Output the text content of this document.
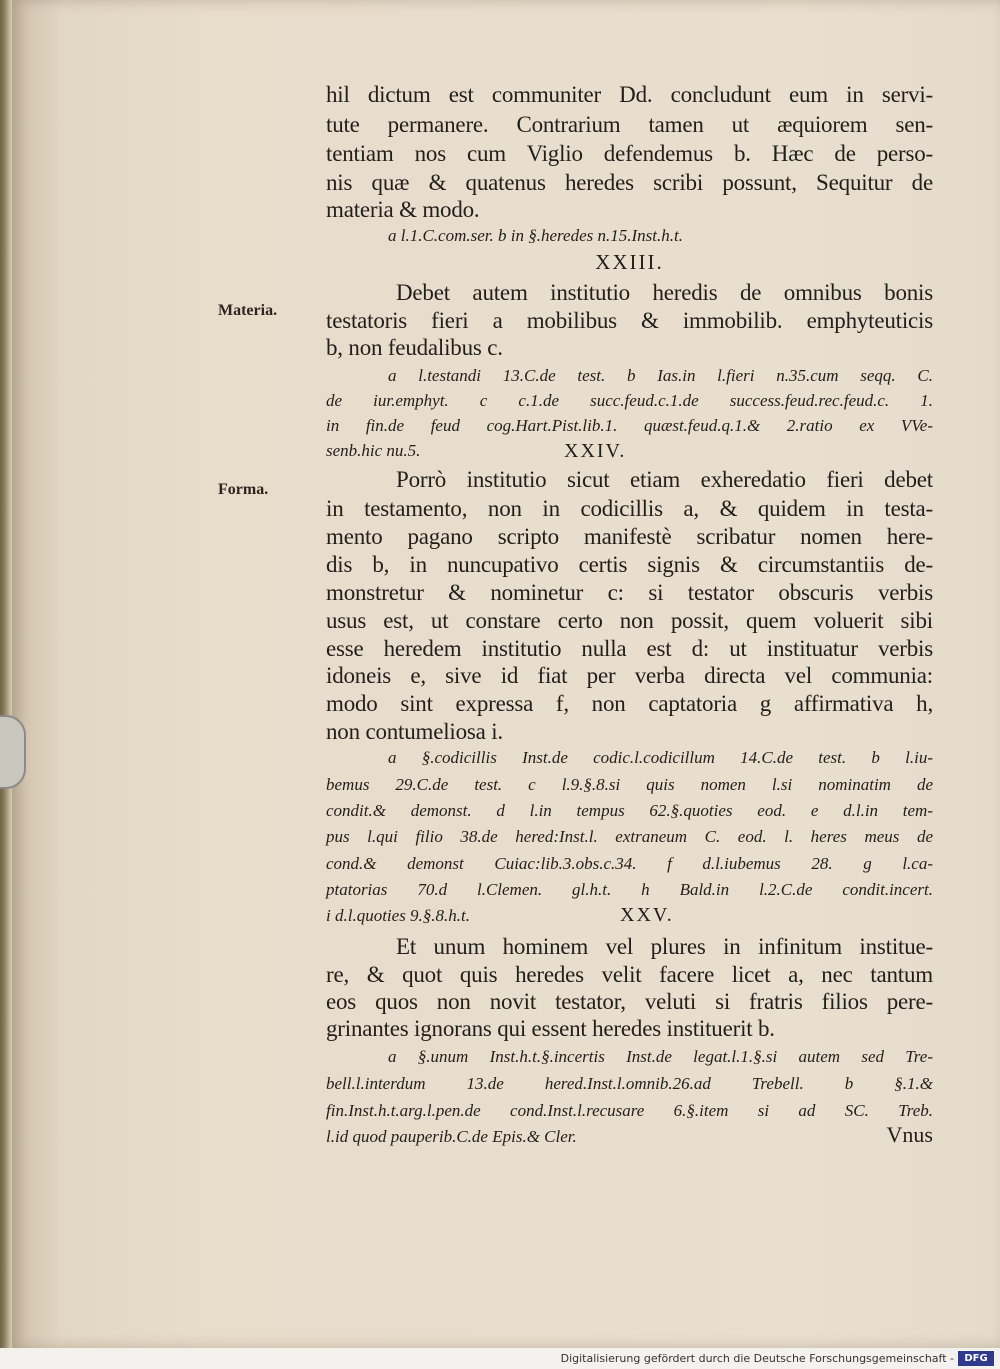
Materia.
Forma.
hil dictum est communiter Dd. concludunt eum in servi-
tute permanere. Contrarium tamen ut æquiorem sen-
tentiam nos cum Viglio defendemus b. Hæc de perso-
nis quæ & quatenus heredes scribi possunt, Sequitur de
materia & modo.
a l.1.C.com.ser. b in §.heredes n.15.Inst.h.t.
XXIII.
Debet autem institutio heredis de omnibus bonis
testatoris fieri a mobilibus & immobilib. emphyteuticis
b, non feudalibus c.
a l.testandi 13.C.de test. b Ias.in l.fieri n.35.cum seqq. C.
de iur.emphyt. c c.1.de succ.feud.c.1.de success.feud.rec.feud.c. 1.
in fin.de feud cog.Hart.Pist.lib.1. quæst.feud.q.1.& 2.ratio ex VVe-
senb.hic nu.5.	XXIV.
Porrò institutio sicut etiam exheredatio fieri debet
in testamento, non in codicillis a, & quidem in testa-
mento pagano scripto manifestè scribatur nomen here-
dis b, in nuncupativo certis signis & circumstantiis de-
monstretur & nominetur c: si testator obscuris verbis
usus est, ut constare certo non possit, quem voluerit sibi
esse heredem institutio nulla est d: ut instituatur verbis
idoneis e, sive id fiat per verba directa vel communia:
modo sint expressa f, non captatoria g affirmativa h,
non contumeliosa i.
a §.codicillis Inst.de codic.l.codicillum 14.C.de test. b l.iu-
bemus 29.C.de test. c l.9.§.8.si quis nomen l.si nominatim de
condit.& demonst. d l.in tempus 62.§.quoties eod. e d.l.in tem-
pus l.qui filio 38.de hered:Inst.l. extraneum C. eod. l. heres meus de
cond.& demonst Cuiac:lib.3.obs.c.34. f d.l.iubemus 28. g l.ca-
ptatorias 70.d l.Clemen. gl.h.t. h Bald.in l.2.C.de condit.incert.
i d.l.quoties 9.§.8.h.t.	XXV.
Et unum hominem vel plures in infinitum institue-
re, & quot quis heredes velit facere licet a, nec tantum
eos quos non novit testator, veluti si fratris filios pere-
grinantes ignorans qui essent heredes instituerit b.
a §.unum Inst.h.t.§.incertis Inst.de legat.l.1.§.si autem sed Tre-
bell.l.interdum 13.de hered.Inst.l.omnib.26.ad Trebell. b §.1.&
fin.Inst.h.t.arg.l.pen.de cond.Inst.l.recusare 6.§.item si ad SC. Treb.
l.id quod pauperib.C.de Epis.& Cler.	Vnus
Digitalisierung gefördert durch die Deutsche Forschungsgemeinschaft -	DFG
